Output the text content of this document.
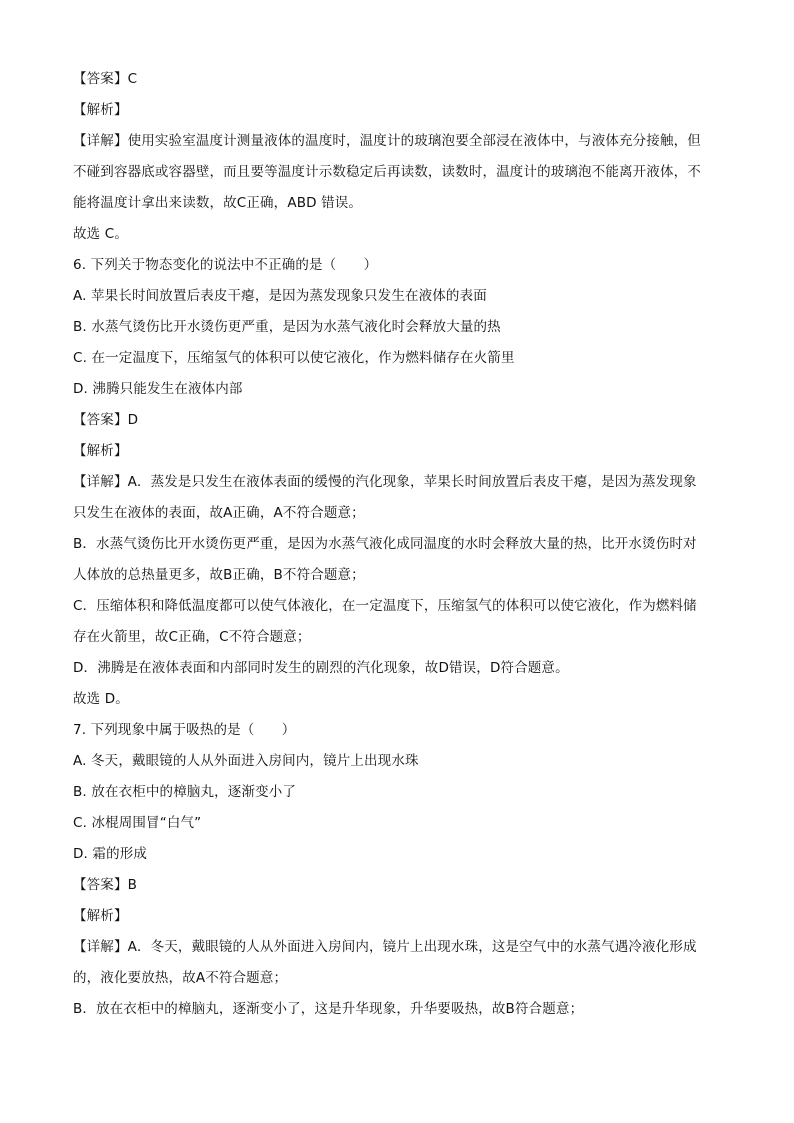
【答案】C
【解析】
【详解】使用实验室温度计测量液体的温度时，温度计的玻璃泡要全部浸在液体中，与液体充分接触，但
不碰到容器底或容器壁，而且要等温度计示数稳定后再读数，读数时，温度计的玻璃泡不能离开液体，不
能将温度计拿出来读数，故C正确，ABD 错误。
故选 C。
6. 下列关于物态变化的说法中不正确的是（　　）
A. 苹果长时间放置后表皮干瘪，是因为蒸发现象只发生在液体的表面
B. 水蒸气烫伤比开水烫伤更严重，是因为水蒸气液化时会释放大量的热
C. 在一定温度下，压缩氢气的体积可以使它液化，作为燃料储存在火箭里
D. 沸腾只能发生在液体内部
【答案】D
【解析】
【详解】A．蒸发是只发生在液体表面的缓慢的汽化现象，苹果长时间放置后表皮干瘪，是因为蒸发现象
只发生在液体的表面，故A正确，A不符合题意；
B．水蒸气烫伤比开水烫伤更严重，是因为水蒸气液化成同温度的水时会释放大量的热，比开水烫伤时对
人体放的总热量更多，故B正确，B不符合题意；
C．压缩体积和降低温度都可以使气体液化，在一定温度下，压缩氢气的体积可以使它液化，作为燃料储
存在火箭里，故C正确，C不符合题意；
D．沸腾是在液体表面和内部同时发生的剧烈的汽化现象，故D错误，D符合题意。
故选 D。
7. 下列现象中属于吸热的是（　　）
A. 冬天，戴眼镜的人从外面进入房间内，镜片上出现水珠
B. 放在衣柜中的樟脑丸，逐渐变小了
C. 冰棍周围冒“白气”
D. 霜的形成
【答案】B
【解析】
【详解】A．冬天，戴眼镜的人从外面进入房间内，镜片上出现水珠，这是空气中的水蒸气遇冷液化形成
的，液化要放热，故A不符合题意；
B．放在衣柜中的樟脑丸，逐渐变小了，这是升华现象，升华要吸热，故B符合题意；
